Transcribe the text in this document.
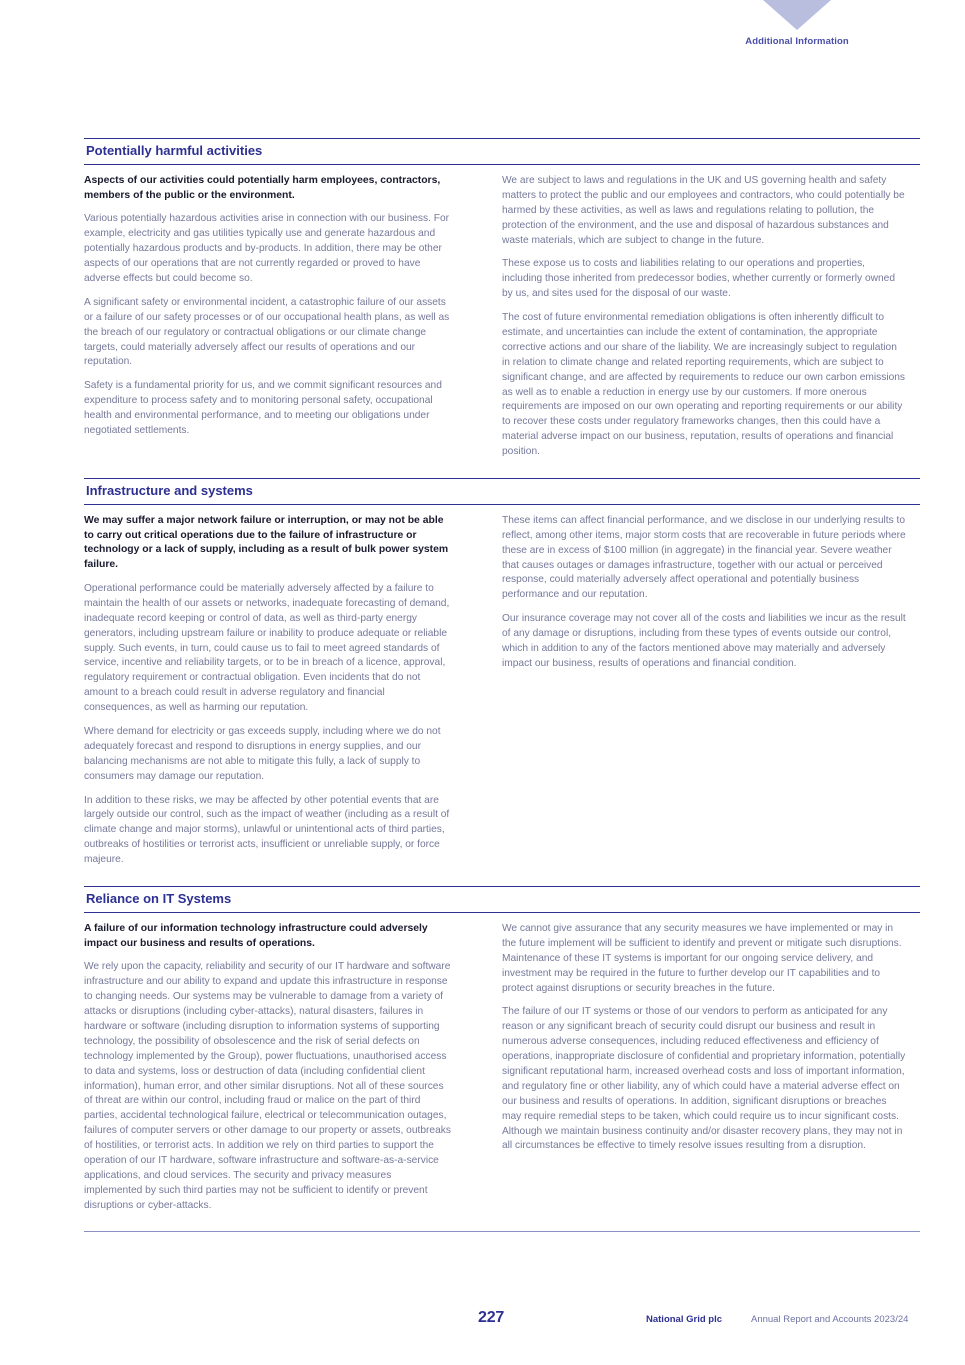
Additional Information
Potentially harmful activities

Aspects of our activities could potentially harm employees, contractors, members of the public or the environment.

Various potentially hazardous activities arise in connection with our business. For example, electricity and gas utilities typically use and generate hazardous and potentially hazardous products and by-products. In addition, there may be other aspects of our operations that are not currently regarded or proved to have adverse effects but could become so.

A significant safety or environmental incident, a catastrophic failure of our assets or a failure of our safety processes or of our occupational health plans, as well as the breach of our regulatory or contractual obligations or our climate change targets, could materially adversely affect our results of operations and our reputation.

Safety is a fundamental priority for us, and we commit significant resources and expenditure to process safety and to monitoring personal safety, occupational health and environmental performance, and to meeting our obligations under negotiated settlements.

We are subject to laws and regulations in the UK and US governing health and safety matters to protect the public and our employees and contractors, who could potentially be harmed by these activities, as well as laws and regulations relating to pollution, the protection of the environment, and the use and disposal of hazardous substances and waste materials, which are subject to change in the future.

These expose us to costs and liabilities relating to our operations and properties, including those inherited from predecessor bodies, whether currently or formerly owned by us, and sites used for the disposal of our waste.

The cost of future environmental remediation obligations is often inherently difficult to estimate, and uncertainties can include the extent of contamination, the appropriate corrective actions and our share of the liability. We are increasingly subject to regulation in relation to climate change and related reporting requirements, which are subject to significant change, and are affected by requirements to reduce our own carbon emissions as well as to enable a reduction in energy use by our customers. If more onerous requirements are imposed on our own operating and reporting requirements or our ability to recover these costs under regulatory frameworks changes, then this could have a material adverse impact on our business, reputation, results of operations and financial position.

Infrastructure and systems

We may suffer a major network failure or interruption, or may not be able to carry out critical operations due to the failure of infrastructure or technology or a lack of supply, including as a result of bulk power system failure.

Operational performance could be materially adversely affected by a failure to maintain the health of our assets or networks, inadequate forecasting of demand, inadequate record keeping or control of data, as well as third-party energy generators, including upstream failure or inability to produce adequate or reliable supply. Such events, in turn, could cause us to fail to meet agreed standards of service, incentive and reliability targets, or to be in breach of a licence, approval, regulatory requirement or contractual obligation. Even incidents that do not amount to a breach could result in adverse regulatory and financial consequences, as well as harming our reputation.

Where demand for electricity or gas exceeds supply, including where we do not adequately forecast and respond to disruptions in energy supplies, and our balancing mechanisms are not able to mitigate this fully, a lack of supply to consumers may damage our reputation.

In addition to these risks, we may be affected by other potential events that are largely outside our control, such as the impact of weather (including as a result of climate change and major storms), unlawful or unintentional acts of third parties, outbreaks of hostilities or terrorist acts, insufficient or unreliable supply, or force majeure.

These items can affect financial performance, and we disclose in our underlying results to reflect, among other items, major storm costs that are recoverable in future periods where these are in excess of $100 million (in aggregate) in the financial year. Severe weather that causes outages or damages infrastructure, together with our actual or perceived response, could materially adversely affect operational and potentially business performance and our reputation.

Our insurance coverage may not cover all of the costs and liabilities we incur as the result of any damage or disruptions, including from these types of events outside our control, which in addition to any of the factors mentioned above may materially and adversely impact our business, results of operations and financial condition.

Reliance on IT Systems

A failure of our information technology infrastructure could adversely impact our business and results of operations.

We rely upon the capacity, reliability and security of our IT hardware and software infrastructure and our ability to expand and update this infrastructure in response to changing needs. Our systems may be vulnerable to damage from a variety of attacks or disruptions (including cyber-attacks), natural disasters, failures in hardware or software (including disruption to information systems of supporting technology, the possibility of obsolescence and the risk of serial defects on technology implemented by the Group), power fluctuations, unauthorised access to data and systems, loss or destruction of data (including confidential client information), human error, and other similar disruptions. Not all of these sources of threat are within our control, including fraud or malice on the part of third parties, accidental technological failure, electrical or telecommunication outages, failures of computer servers or other damage to our property or assets, outbreaks of hostilities, or terrorist acts. In addition we rely on third parties to support the operation of our IT hardware, software infrastructure and software-as-a-service applications, and cloud services. The security and privacy measures implemented by such third parties may not be sufficient to identify or prevent disruptions or cyber-attacks.

We cannot give assurance that any security measures we have implemented or may in the future implement will be sufficient to identify and prevent or mitigate such disruptions. Maintenance of these IT systems is important for our ongoing service delivery, and investment may be required in the future to further develop our IT capabilities and to protect against disruptions or security breaches in the future.

The failure of our IT systems or those of our vendors to perform as anticipated for any reason or any significant breach of security could disrupt our business and result in numerous adverse consequences, including reduced effectiveness and efficiency of operations, inappropriate disclosure of confidential and proprietary information, potentially significant reputational harm, increased overhead costs and loss of important information, and regulatory fine or other liability, any of which could have a material adverse effect on our business and results of operations. In addition, significant disruptions or breaches may require remedial steps to be taken, which could require us to incur significant costs. Although we maintain business continuity and/or disaster recovery plans, they may not in all circumstances be effective to timely resolve issues resulting from a disruption.

227	National Grid plc	Annual Report and Accounts 2023/24
